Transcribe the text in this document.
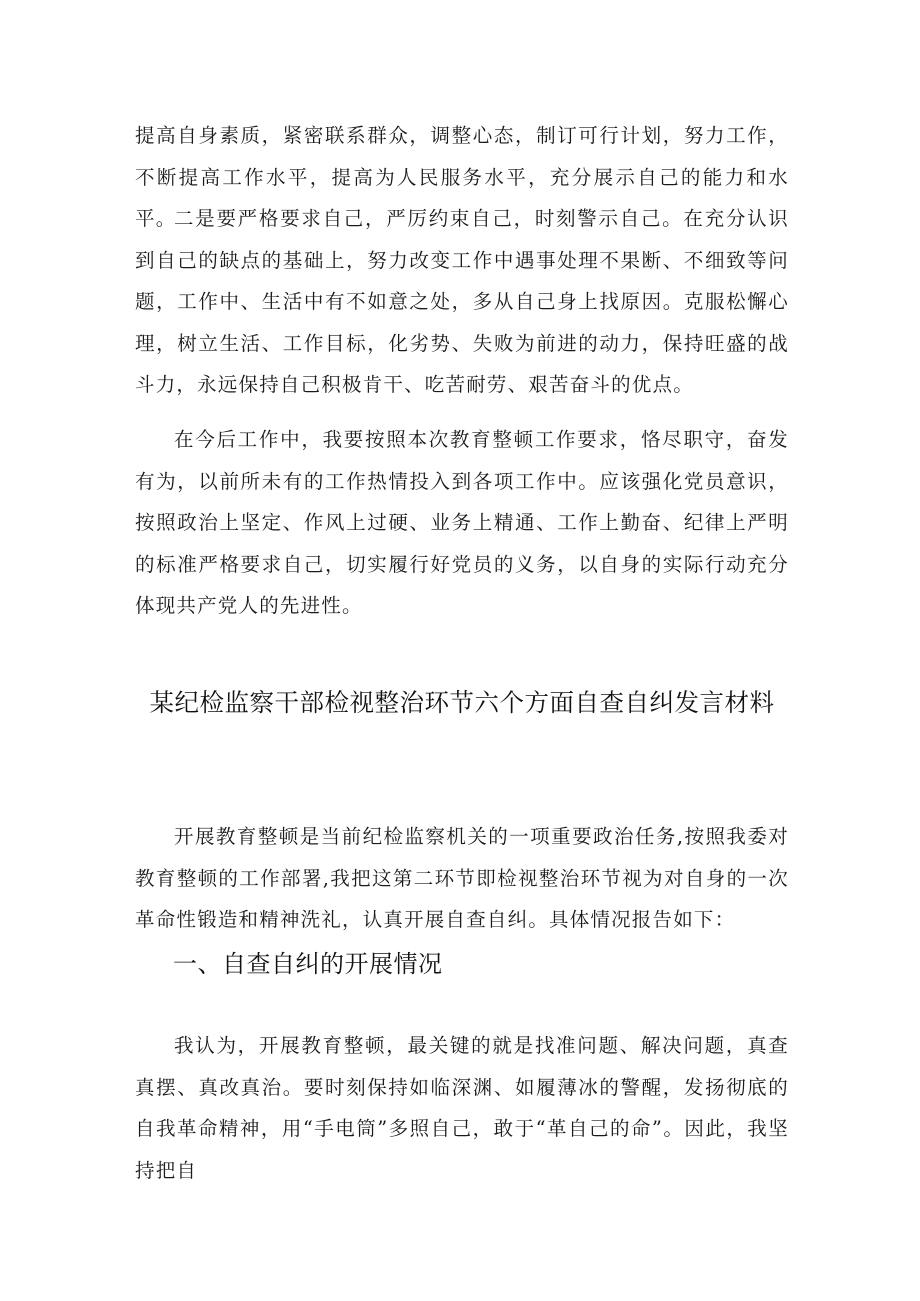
提高自身素质，紧密联系群众，调整心态，制订可行计划，努力工作，不断提高工作水平，提高为人民服务水平，充分展示自己的能力和水平。

二是要严格要求自己，严厉约束自己，时刻警示自己。在充分认识到自己的缺点的基础上，努力改变工作中遇事处理不果断、不细致等问题，工作中、生活中有不如意之处，多从自己身上找原因。克服松懈心理，树立生活、工作目标，化劣势、失败为前进的动力，保持旺盛的战斗力，永远保持自己积极肯干、吃苦耐劳、艰苦奋斗的优点。

在今后工作中，我要按照本次教育整顿工作要求，恪尽职守，奋发有为，以前所未有的工作热情投入到各项工作中。应该强化党员意识，按照政治上坚定、作风上过硬、业务上精通、工作上勤奋、纪律上严明的标准严格要求自己，切实履行好党员的义务，以自身的实际行动充分体现共产党人的先进性。

某纪检监察干部检视整治环节六个方面自查自纠发言材料

开展教育整顿是当前纪检监察机关的一项重要政治任务,按照我委对教育整顿的工作部署,我把这第二环节即检视整治环节视为对自身的一次革命性锻造和精神洗礼，认真开展自查自纠。具体情况报告如下：

一、自查自纠的开展情况

我认为，开展教育整顿，最关键的就是找准问题、解决问题，真查真摆、真改真治。要时刻保持如临深渊、如履薄冰的警醒，发扬彻底的自我革命精神，用“手电筒”多照自己，敢于“革自己的命”。因此，我坚持把自
